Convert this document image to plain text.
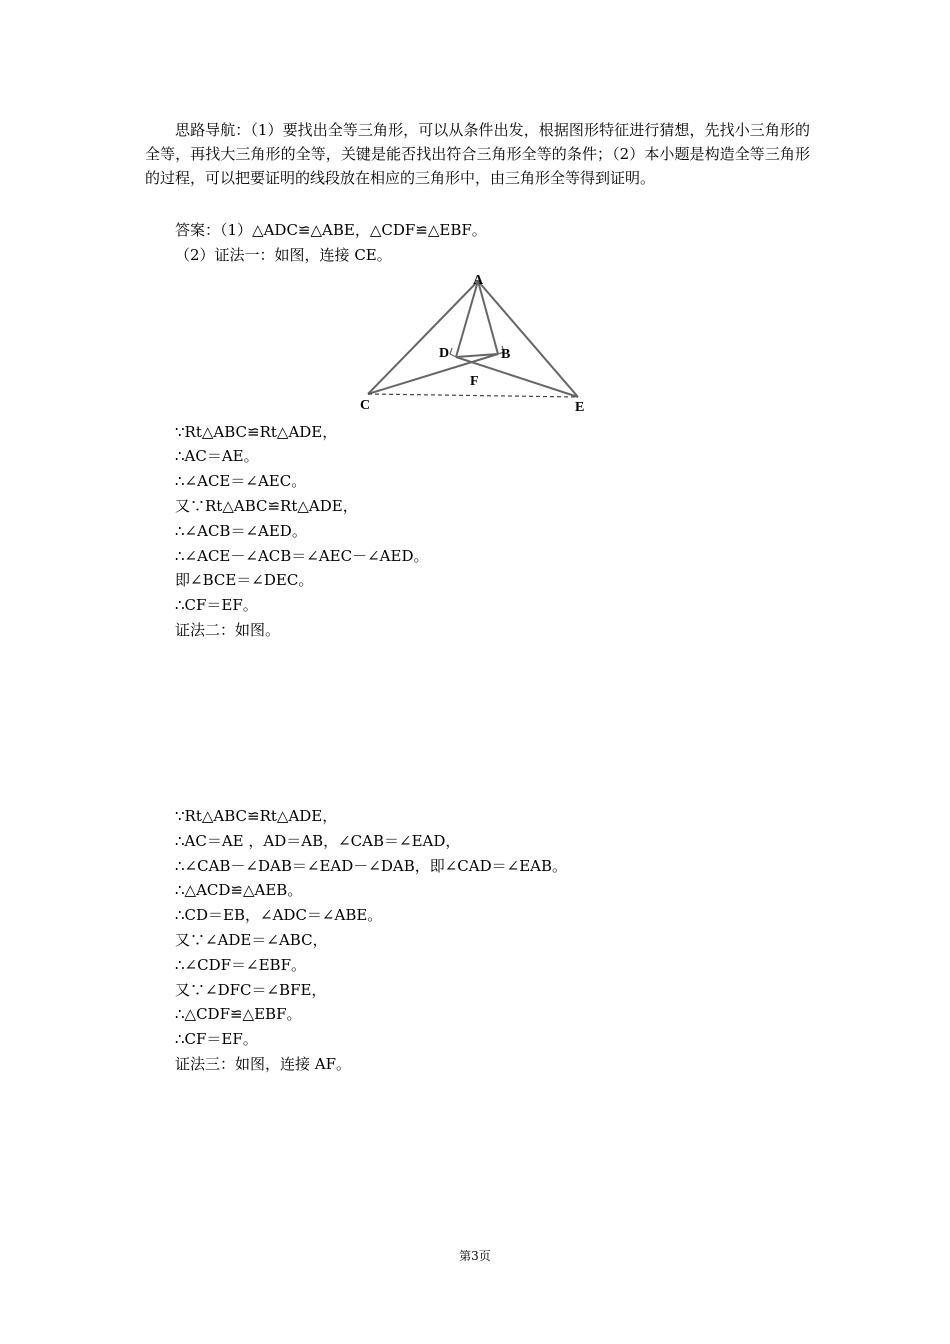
思路导航：（1）要找出全等三角形，可以从条件出发，根据图形特征进行猜想，先找小三角形的全等，再找大三角形的全等，关键是能否找出符合三角形全等的条件；（2）本小题是构造全等三角形的过程，可以把要证明的线段放在相应的三角形中，由三角形全等得到证明。

答案：（1）△ADC≌△ABE，△CDF≌△EBF。

（2）证法一：如图，连接 CE。

A
D	B
F
C	E

∵Rt△ABC≌Rt△ADE，

∴AC＝AE。

∴∠ACE＝∠AEC。

又∵Rt△ABC≌Rt△ADE，

∴∠ACB＝∠AED。

∴∠ACE－∠ACB＝∠AEC－∠AED。

即∠BCE＝∠DEC。

∴CF＝EF。

证法二：如图。

∵Rt△ABC≌Rt△ADE，

∴AC＝AE ，AD＝AB，∠CAB＝∠EAD，

∴∠CAB－∠DAB＝∠EAD－∠DAB，即∠CAD＝∠EAB。

∴△ACD≌△AEB。

∴CD＝EB，∠ADC＝∠ABE。

又∵∠ADE＝∠ABC，

∴∠CDF＝∠EBF。

又∵∠DFC＝∠BFE，

∴△CDF≌△EBF。

∴CF＝EF。

证法三：如图，连接 AF。

第3页
